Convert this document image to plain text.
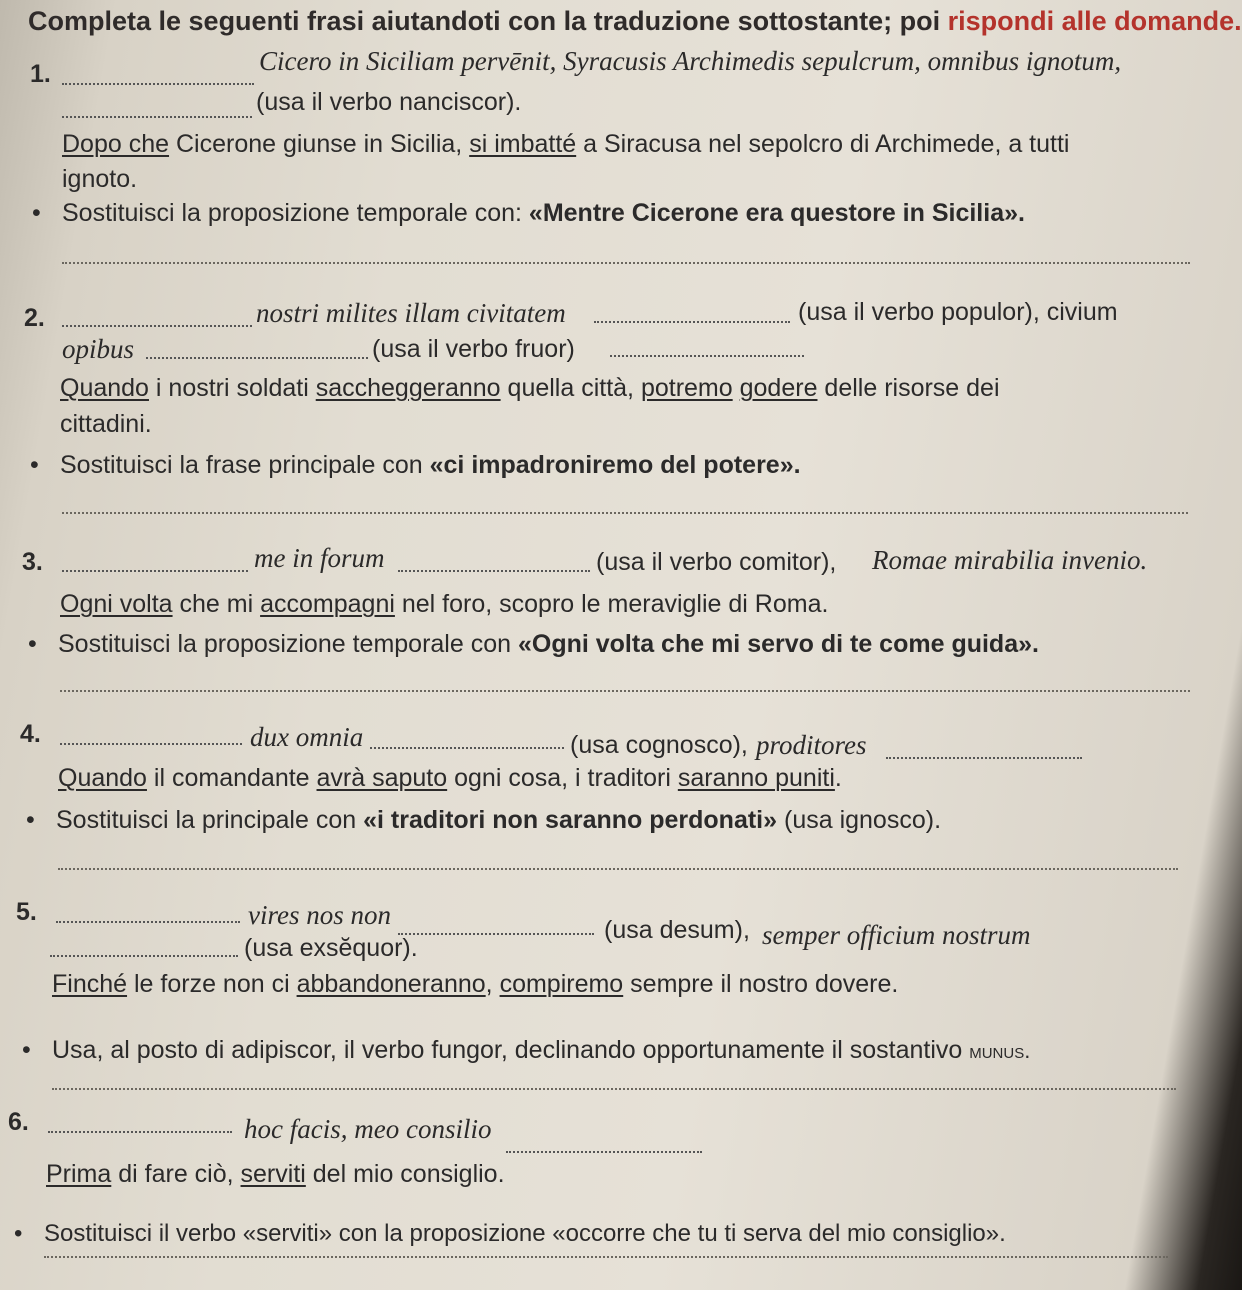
Completa le seguenti frasi aiutandoti con la traduzione sottostante; poi rispondi alle domande.
1.	Cicero in Siciliam pervēnit, Syracusis Archimedis sepulcrum, omnibus ignotum,
(usa il verbo nanciscor).
Dopo che Cicerone giunse in Sicilia, si imbatté a Siracusa nel sepolcro di Archimede, a tutti
ignoto.
• Sostituisci la proposizione temporale con: «Mentre Cicerone era questore in Sicilia».
2.	nostri milites illam civitatem	(usa il verbo populor), civium
opibus	(usa il verbo fruor)
Quando i nostri soldati saccheggeranno quella città, potremo godere delle risorse dei
cittadini.
• Sostituisci la frase principale con «ci impadroniremo del potere».
3.	me in forum	(usa il verbo comitor), Romae mirabilia invenio.
Ogni volta che mi accompagni nel foro, scopro le meraviglie di Roma.
• Sostituisci la proposizione temporale con «Ogni volta che mi servo di te come guida».
4.	dux omnia	(usa cognosco), proditores
Quando il comandante avrà saputo ogni cosa, i traditori saranno puniti.
• Sostituisci la principale con «i traditori non saranno perdonati» (usa ignosco).
5.	vires nos non	(usa desum), semper officium nostrum
(usa exsĕquor).
Finché le forze non ci abbandoneranno, compiremo sempre il nostro dovere.
• Usa, al posto di adipiscor, il verbo fungor, declinando opportunamente il sostantivo munus.
6.	hoc facis, meo consilio
Prima di fare ciò, serviti del mio consiglio.
• Sostituisci il verbo «serviti» con la proposizione «occorre che tu ti serva del mio consiglio».
